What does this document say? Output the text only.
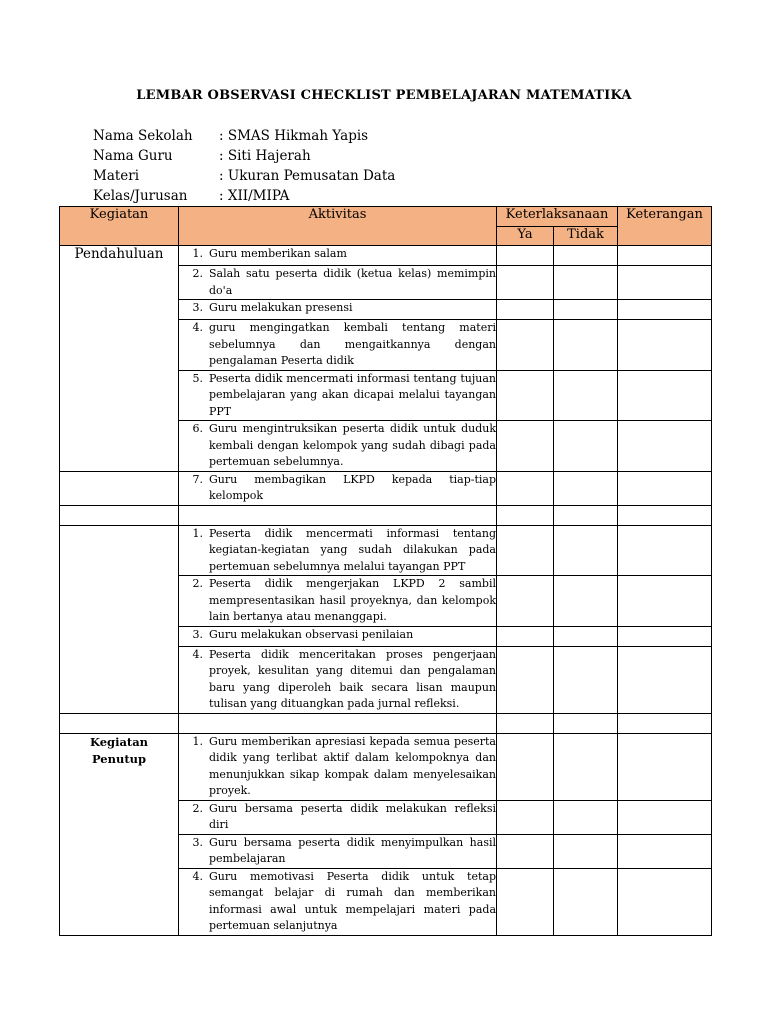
LEMBAR OBSERVASI CHECKLIST PEMBELAJARAN MATEMATIKA
Nama Sekolah	: SMAS Hikmah Yapis
Nama Guru	: Siti Hajerah
Materi	: Ukuran Pemusatan Data
Kelas/Jurusan	: XII/MIPA
Kegiatan	Aktivitas	Keterlaksanaan		Keterangan
		Ya	Tidak	
Pendahuluan	1. Guru memberikan salam			

	2. Salah satu peserta didik (ketua kelas) memimpin do'a			

	3. Guru melakukan presensi			

	4. guru mengingatkan kembali tentang materi sebelumnya dan mengaitkannya dengan pengalaman Peserta didik			

	5. Peserta didik mencermati informasi tentang tujuan pembelajaran yang akan dicapai melalui tayangan PPT			

	6. Guru mengintruksikan peserta didik untuk duduk kembali dengan kelompok yang sudah dibagi pada pertemuan sebelumnya.			

	7. Guru membagikan LKPD kepada tiap-tiap kelompok			

	1. Peserta didik mencermati informasi tentang kegiatan-kegiatan yang sudah dilakukan pada pertemuan sebelumnya melalui tayangan PPT			

	2. Peserta didik mengerjakan LKPD 2 sambil mempresentasikan hasil proyeknya, dan kelompok lain bertanya atau menanggapi.			

	3. Guru melakukan observasi penilaian			

	4. Peserta didik menceritakan proses pengerjaan proyek, kesulitan yang ditemui dan pengalaman baru yang diperoleh baik secara lisan maupun tulisan yang dituangkan pada jurnal refleksi.			

Kegiatan Penutup	1. Guru memberikan apresiasi kepada semua peserta didik yang terlibat aktif dalam kelompoknya dan menunjukkan sikap kompak dalam menyelesaikan proyek.			

	2. Guru bersama peserta didik melakukan refleksi diri			

	3. Guru bersama peserta didik menyimpulkan hasil pembelajaran			

	4. Guru memotivasi Peserta didik untuk tetap semangat belajar di rumah dan memberikan informasi awal untuk mempelajari materi pada pertemuan selanjutnya			
